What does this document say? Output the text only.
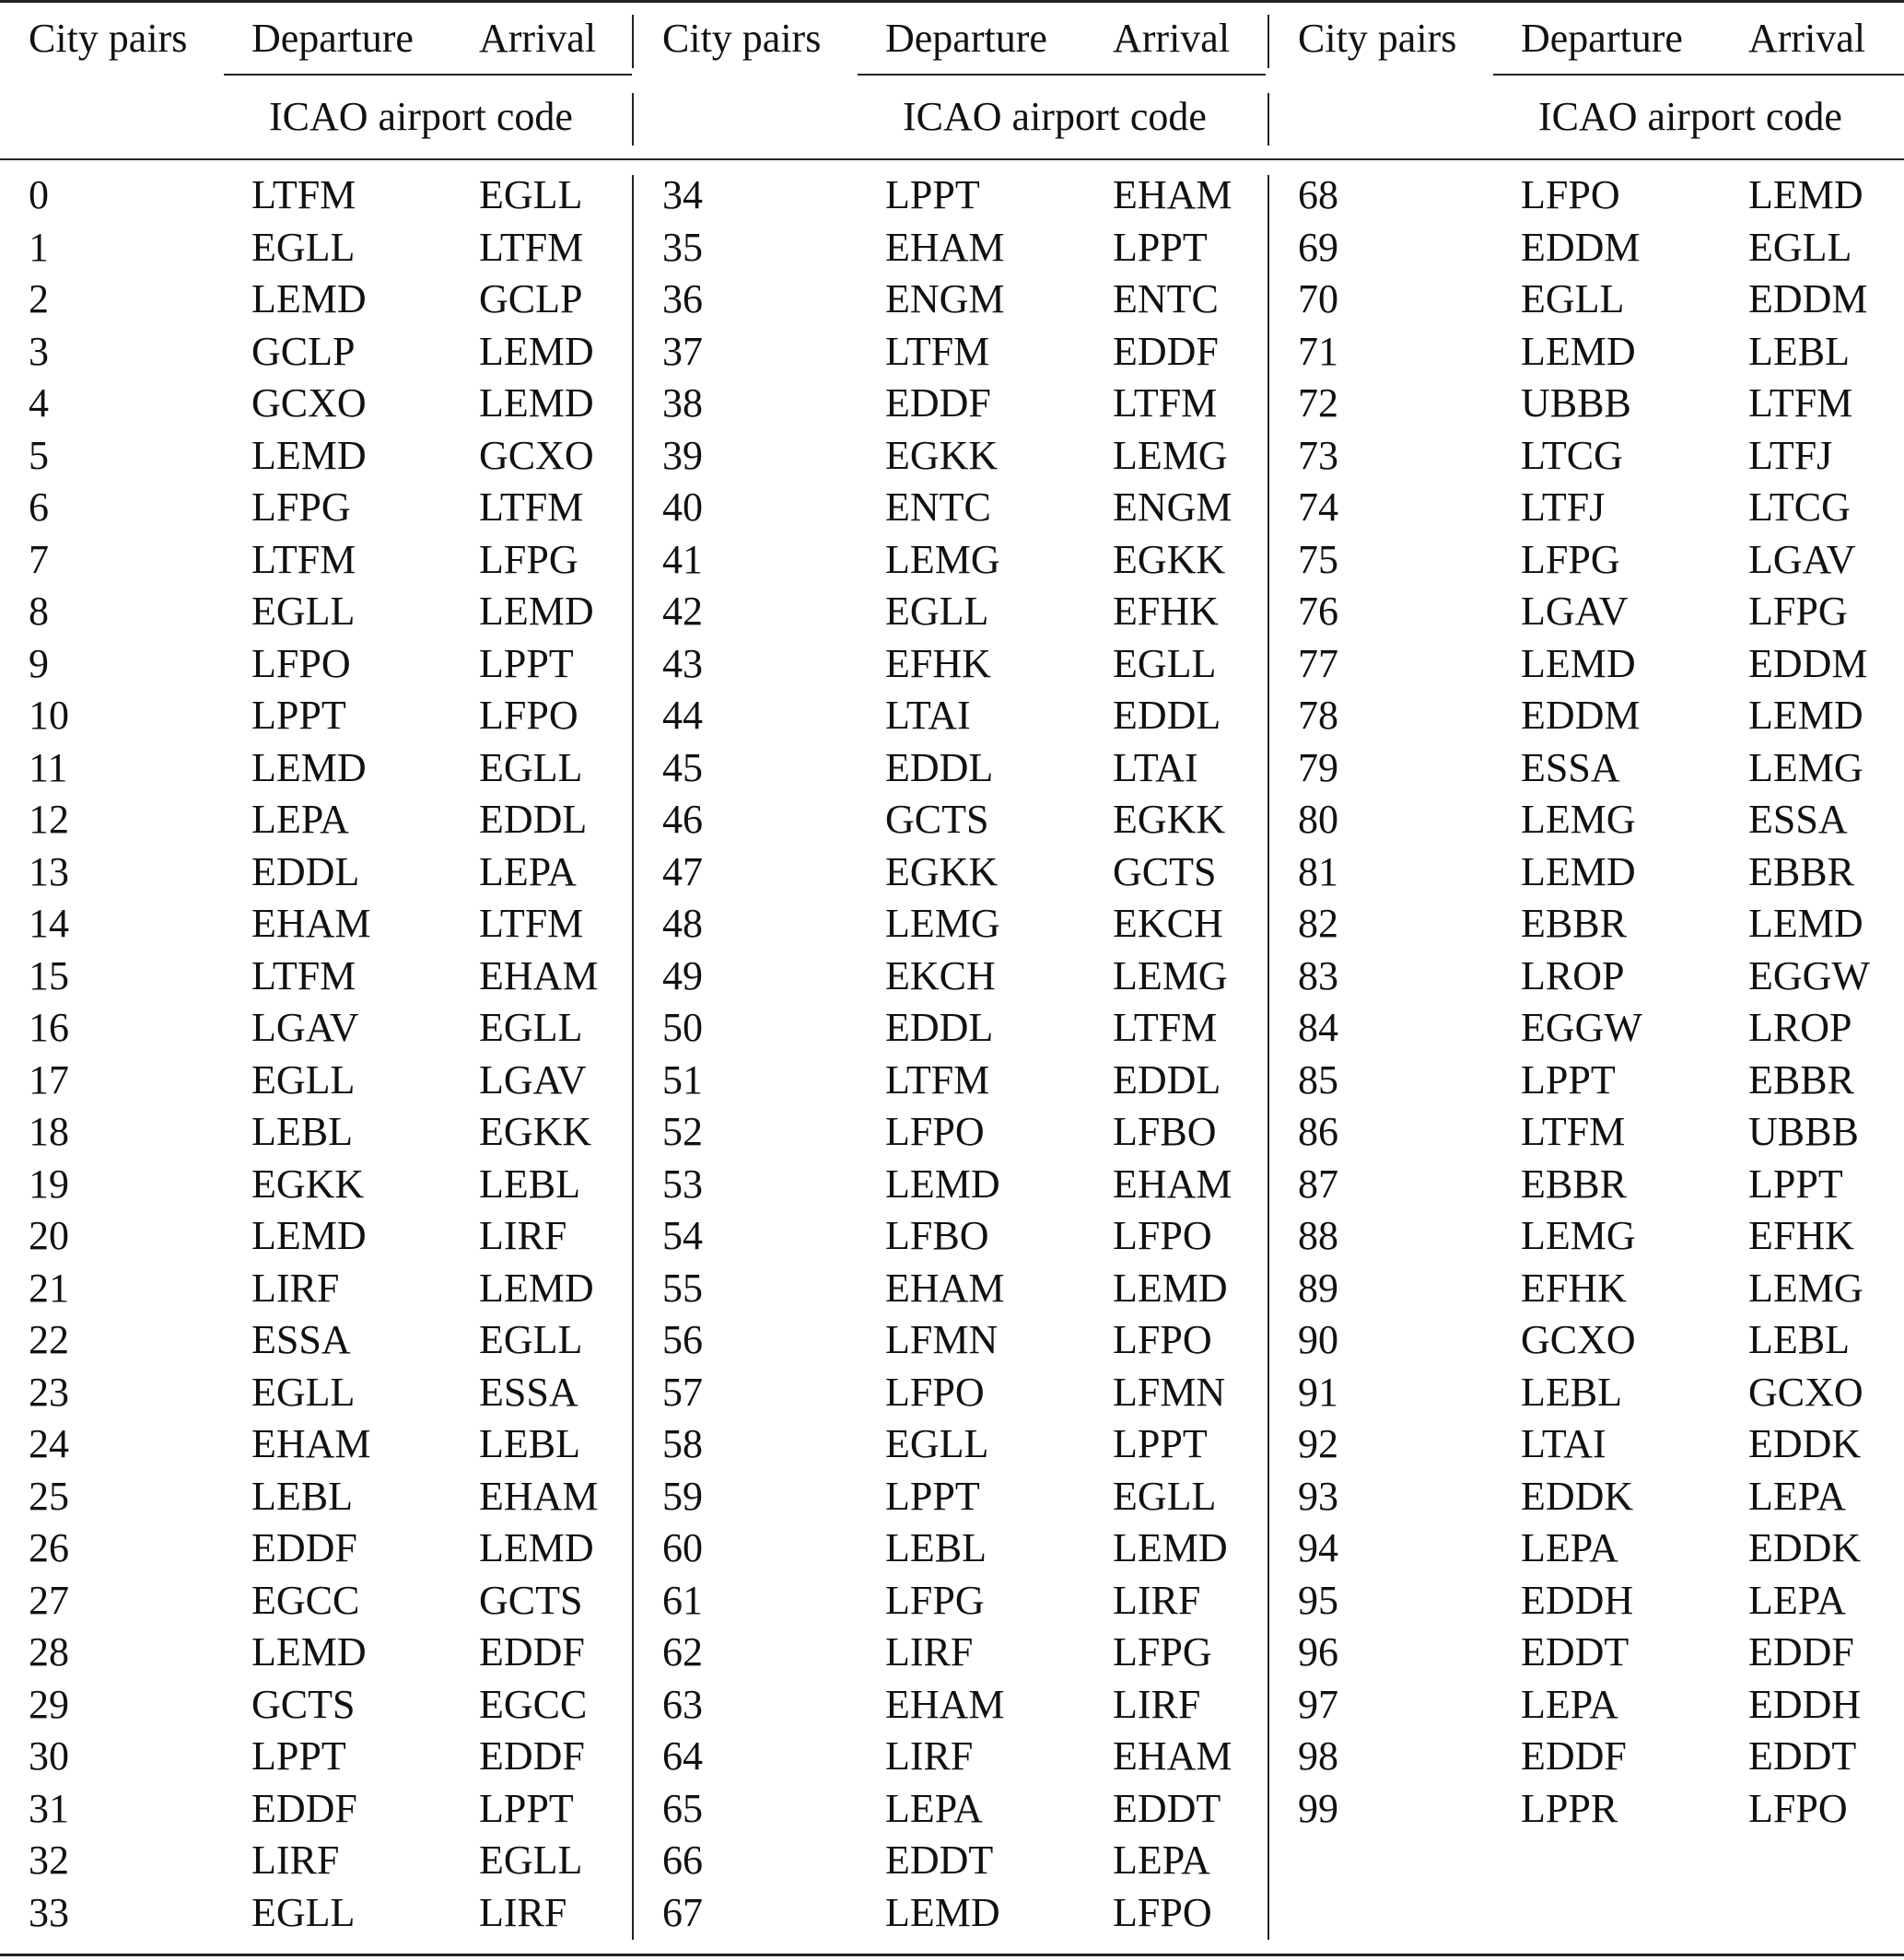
City pairs Departure Arrival
ICAO airport code
0	LTFM	EGLL
1	EGLL	LTFM
2	LEMD	GCLP
3	GCLP	LEMD
4	GCXO	LEMD
5	LEMD	GCXO
6	LFPG	LTFM
7	LTFM	LFPG
8	EGLL	LEMD
9	LFPO	LPPT
10	LPPT	LFPO
11	LEMD	EGLL
12	LEPA	EDDL
13	EDDL	LEPA
14	EHAM	LTFM
15	LTFM	EHAM
16	LGAV	EGLL
17	EGLL	LGAV
18	LEBL	EGKK
19	EGKK	LEBL
20	LEMD	LIRF
21	LIRF	LEMD
22	ESSA	EGLL
23	EGLL	ESSA
24	EHAM	LEBL
25	LEBL	EHAM
26	EDDF	LEMD
27	EGCC	GCTS
28	LEMD	EDDF
29	GCTS	EGCC
30	LPPT	EDDF
31	EDDF	LPPT
32	LIRF	EGLL
33	EGLL	LIRF
City pairs Departure Arrival
ICAO airport code
34	LPPT	EHAM
35	EHAM	LPPT
36	ENGM	ENTC
37	LTFM	EDDF
38	EDDF	LTFM
39	EGKK	LEMG
40	ENTC	ENGM
41	LEMG	EGKK
42	EGLL	EFHK
43	EFHK	EGLL
44	LTAI	EDDL
45	EDDL	LTAI
46	GCTS	EGKK
47	EGKK	GCTS
48	LEMG	EKCH
49	EKCH	LEMG
50	EDDL	LTFM
51	LTFM	EDDL
52	LFPO	LFBO
53	LEMD	EHAM
54	LFBO	LFPO
55	EHAM	LEMD
56	LFMN	LFPO
57	LFPO	LFMN
58	EGLL	LPPT
59	LPPT	EGLL
60	LEBL	LEMD
61	LFPG	LIRF
62	LIRF	LFPG
63	EHAM	LIRF
64	LIRF	EHAM
65	LEPA	EDDT
66	EDDT	LEPA
67	LEMD	LFPO
City pairs Departure Arrival
ICAO airport code
68	LFPO	LEMD
69	EDDM	EGLL
70	EGLL	EDDM
71	LEMD	LEBL
72	UBBB	LTFM
73	LTCG	LTFJ
74	LTFJ	LTCG
75	LFPG	LGAV
76	LGAV	LFPG
77	LEMD	EDDM
78	EDDM	LEMD
79	ESSA	LEMG
80	LEMG	ESSA
81	LEMD	EBBR
82	EBBR	LEMD
83	LROP	EGGW
84	EGGW	LROP
85	LPPT	EBBR
86	LTFM	UBBB
87	EBBR	LPPT
88	LEMG	EFHK
89	EFHK	LEMG
90	GCXO	LEBL
91	LEBL	GCXO
92	LTAI	EDDK
93	EDDK	LEPA
94	LEPA	EDDK
95	EDDH	LEPA
96	EDDT	EDDF
97	LEPA	EDDH
98	EDDF	EDDT
99	LPPR	LFPO
